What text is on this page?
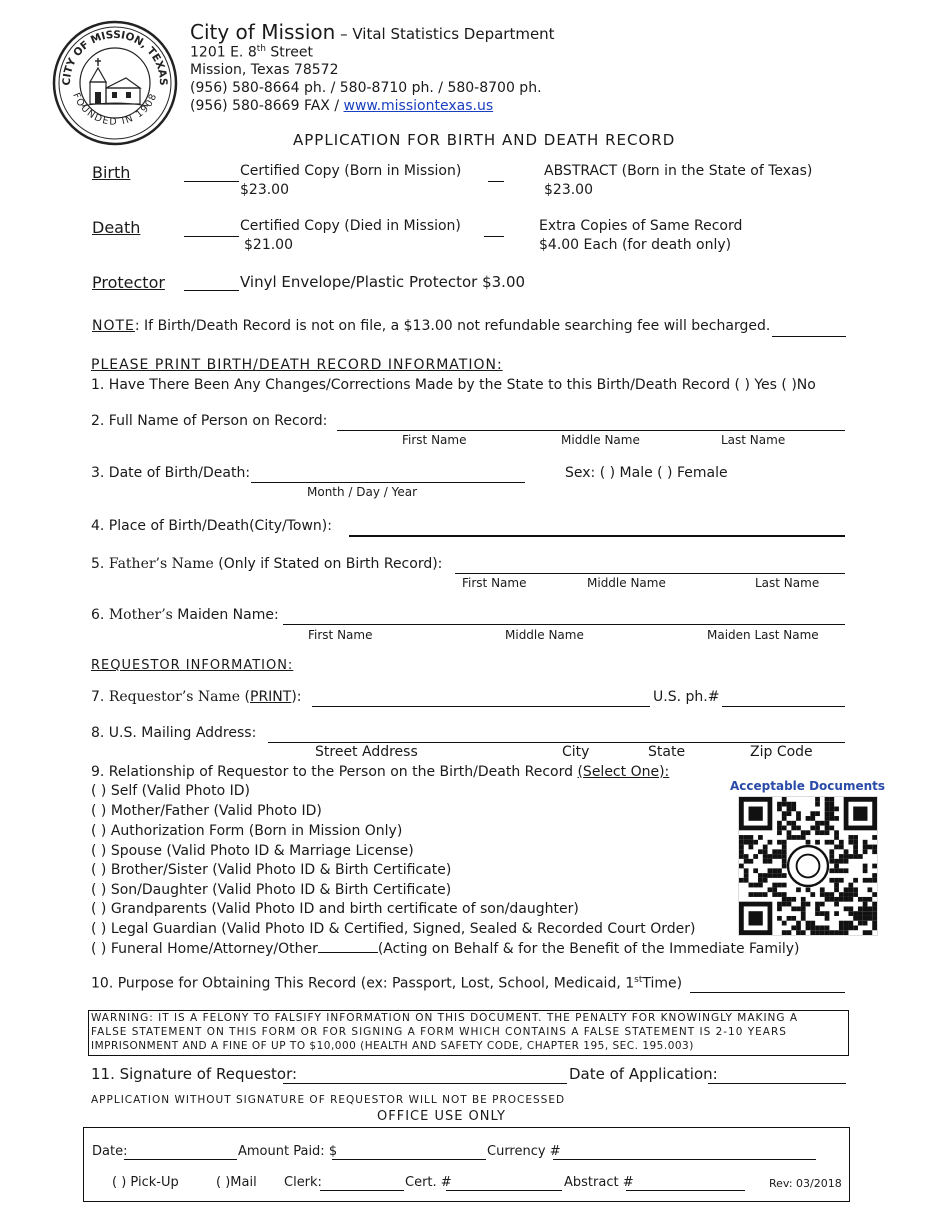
CITY OF MISSION, TEXAS
FOUNDED IN 1908
City of Mission – Vital Statistics Department
1201 E. 8th Street
Mission, Texas 78572
(956) 580-8664 ph. / 580-8710 ph. / 580-8700 ph.
(956) 580-8669 FAX / www.missiontexas.us
APPLICATION FOR BIRTH AND DEATH RECORD
Birth	Certified Copy (Born in Mission)
$23.00
ABSTRACT (Born in the State of Texas)
$23.00
Death	Certified Copy (Died in Mission)
$21.00
Extra Copies of Same Record
$4.00 Each (for death only)
Protector	Vinyl Envelope/Plastic Protector $3.00
NOTE: If Birth/Death Record is not on file, a $13.00 not refundable searching fee will becharged.
PLEASE PRINT BIRTH/DEATH RECORD INFORMATION:
1. Have There Been Any Changes/Corrections Made by the State to this Birth/Death Record ( ) Yes ( )No
2. Full Name of Person on Record:
First Name	Middle Name	Last Name
3. Date of Birth/Death:
Month / Day / Year
Sex: ( ) Male ( ) Female
4. Place of Birth/Death(City/Town):
5. Father’s Name (Only if Stated on Birth Record):
First Name	Middle Name	Last Name
6. Mother’s Maiden Name:
First Name	Middle Name	Maiden Last Name
REQUESTOR INFORMATION:
7. Requestor’s Name (PRINT):	U.S. ph.#
8. U.S. Mailing Address:
Street Address	City	State	Zip Code
9. Relationship of Requestor to the Person on the Birth/Death Record (Select One):
( ) Self (Valid Photo ID)
( ) Mother/Father (Valid Photo ID)
( ) Authorization Form (Born in Mission Only)
( ) Spouse (Valid Photo ID & Marriage License)
( ) Brother/Sister (Valid Photo ID & Birth Certificate)
( ) Son/Daughter (Valid Photo ID & Birth Certificate)
( ) Grandparents (Valid Photo ID and birth certificate of son/daughter)
( ) Legal Guardian (Valid Photo ID & Certified, Signed, Sealed & Recorded Court Order)
( ) Funeral Home/Attorney/Other	(Acting on Behalf & for the Benefit of the Immediate Family)
Acceptable Documents
10. Purpose for Obtaining This Record (ex: Passport, Lost, School, Medicaid, 1stTime)
WARNING: IT IS A FELONY TO FALSIFY INFORMATION ON THIS DOCUMENT. THE PENALTY FOR KNOWINGLY MAKING A
FALSE STATEMENT ON THIS FORM OR FOR SIGNING A FORM WHICH CONTAINS A FALSE STATEMENT IS 2-10 YEARS
IMPRISONMENT AND A FINE OF UP TO $10,000 (HEALTH AND SAFETY CODE, CHAPTER 195, SEC. 195.003)
11. Signature of Requestor:	Date of Application:
APPLICATION WITHOUT SIGNATURE OF REQUESTOR WILL NOT BE PROCESSED
OFFICE USE ONLY
Date:	Amount Paid: $	Currency #
( ) Pick-Up	( )Mail Clerk:	Cert. #	Abstract #	Rev: 03/2018
